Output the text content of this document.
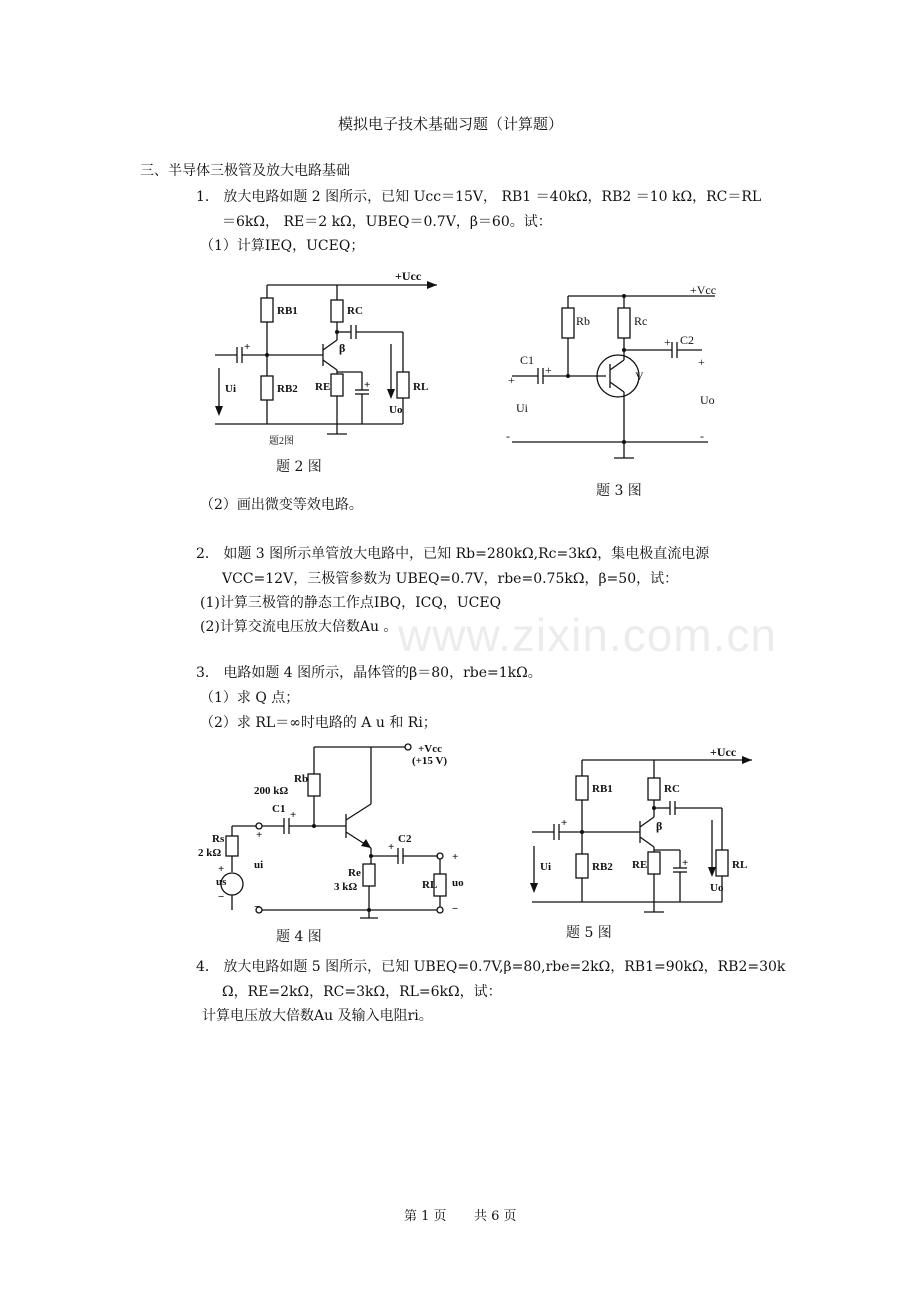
www.zixin.com.cn
模拟电子技术基础习题（计算题）
三、半导体三极管及放大电路基础
1． 放大电路如题 2 图所示，已知 Ucc＝15V， RB1 ＝40kΩ，RB2 ＝10 kΩ，RC＝RL
＝6kΩ， RE＝2 kΩ，UBEQ＝0.7V，β＝60。试：
（1）计算IEQ，UCEQ；
+Ucc
RB1
RB2
+
Ui
β
RC
RE	+	RL
Uo
题2图
题 2 图
+Vcc
Rb	Rc
C1
+
+
Ui
-
V
C2
+
+
Uo
-
题 3 图
（2）画出微变等效电路。
2． 如题 3 图所示单管放大电路中，已知 Rb=280kΩ,Rc=3kΩ，集电极直流电源
VCC=12V，三极管参数为 UBEQ=0.7V，rbe=0.75kΩ，β=50，试：
(1)计算三极管的静态工作点IBQ，ICQ，UCEQ
(2)计算交流电压放大倍数Au 。
3． 电路如题 4 图所示，晶体管的β＝80，rbe=1kΩ。
（1）求 Q 点；
（2）求 RL＝∞时电路的 A u 和 Ri；
+Vcc
(+15 V)
Rb
200 kΩ
C1 +
+
Rs
2 kΩ
+
us
−
ui
−
Re
3 kΩ
C2
+
RL
+
uo
−
题 4 图
+Ucc
RB1
RB2
+
Ui
β
RC
RE	+	RL
Uo
题 5 图
4． 放大电路如题 5 图所示，已知 UBEQ=0.7V,β=80,rbe=2kΩ，RB1=90kΩ，RB2=30k
Ω，RE=2kΩ，RC=3kΩ，RL=6kΩ，试：
计算电压放大倍数Au 及输入电阻ri。
第 1 页 共 6 页
